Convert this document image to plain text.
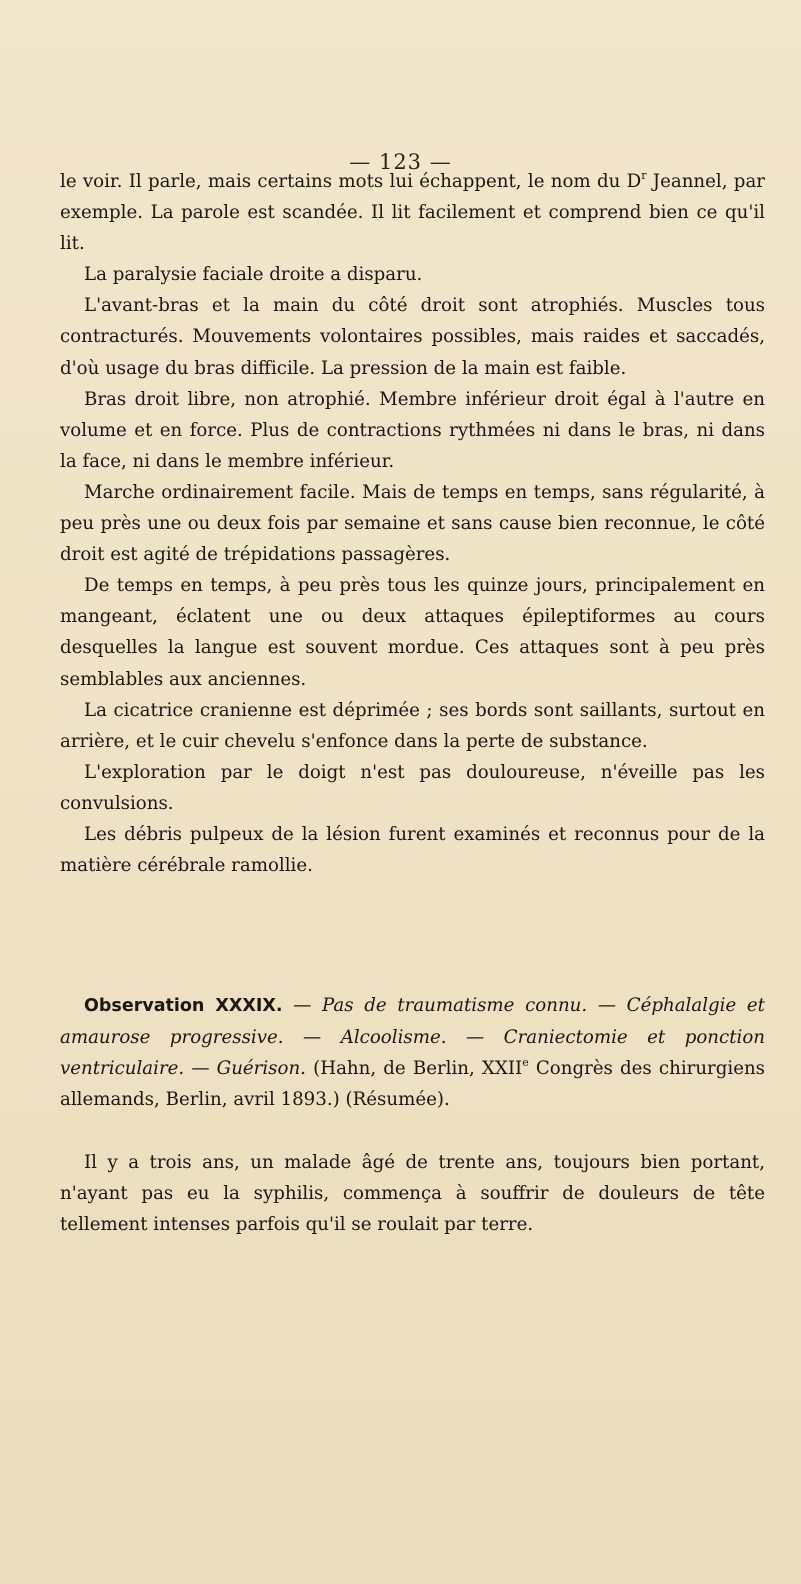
— 123 —

le voir. Il parle, mais certains mots lui échappent, le nom du $D^r$ Jeannel, par exemple. La parole est scandée. Il lit facilement et comprend bien ce qu'il lit.

La paralysie faciale droite a disparu.

L'avant-bras et la main du côté droit sont atrophiés. Muscles tous contracturés. Mouvements volontaires possibles, mais raides et saccadés, d'où usage du bras difficile. La pression de la main est faible.

Bras droit libre, non atrophié. Membre inférieur droit égal à l'autre en volume et en force. Plus de contractions rythmées ni dans le bras, ni dans la face, ni dans le membre inférieur.

Marche ordinairement facile. Mais de temps en temps, sans régularité, à peu près une ou deux fois par semaine et sans cause bien reconnue, le côté droit est agité de trépidations passagères.

De temps en temps, à peu près tous les quinze jours, principalement en mangeant, éclatent une ou deux attaques épileptiformes au cours desquelles la langue est souvent mordue. Ces attaques sont à peu près semblables aux anciennes.

La cicatrice cranienne est déprimée ; ses bords sont saillants, surtout en arrière, et le cuir chevelu s'enfonce dans la perte de substance.

L'exploration par le doigt n'est pas douloureuse, n'éveille pas les convulsions.

Les débris pulpeux de la lésion furent examinés et reconnus pour de la matière cérébrale ramollie.

Observation XXXIX. — Pas de traumatisme connu. — Céphalalgie et amaurose progressive. — Alcoolisme. — Craniectomie et ponction ventriculaire. — Guérison. (Hahn, de Berlin, XXIIe Congrès des chirurgiens allemands, Berlin, avril 1893.) (Résumée).

Il y a trois ans, un malade âgé de trente ans, toujours bien portant, n'ayant pas eu la syphilis, commença à souffrir de douleurs de tête tellement intenses parfois qu'il se roulait par terre.
